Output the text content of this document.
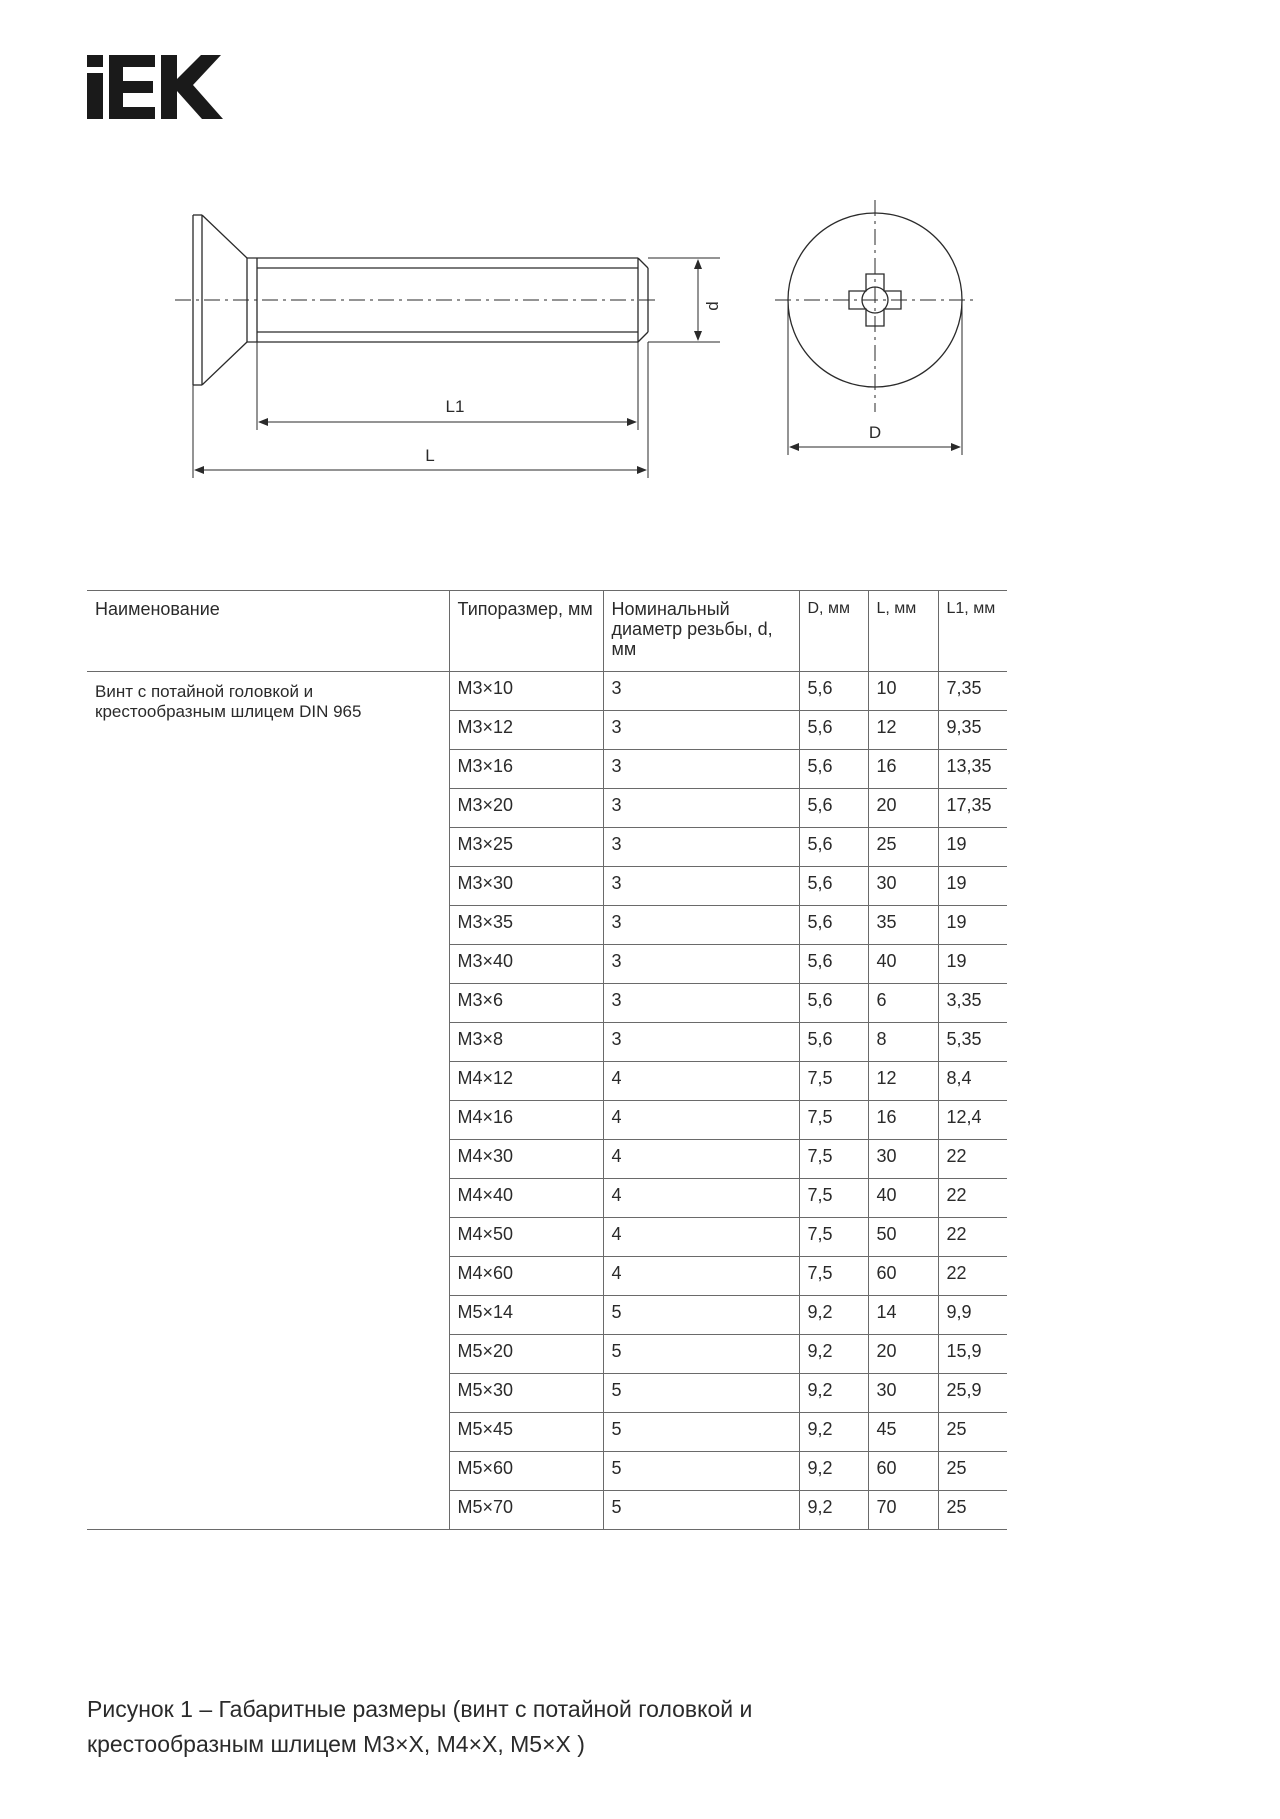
d
L1
L
D
Наименование	Типоразмер, мм	Номинальный диаметр резьбы, d, мм	D, мм	L, мм	L1, мм
Винт с потайной головкой и крестообразным шлицем DIN 965	М3×10	3	5,6	10	7,35
	М3×12	3	5,6	12	9,35
	М3×16	3	5,6	16	13,35
	М3×20	3	5,6	20	17,35
	М3×25	3	5,6	25	19
	М3×30	3	5,6	30	19
	М3×35	3	5,6	35	19
	М3×40	3	5,6	40	19
	М3×6	3	5,6	6	3,35
	М3×8	3	5,6	8	5,35
	М4×12	4	7,5	12	8,4
	М4×16	4	7,5	16	12,4
	М4×30	4	7,5	30	22
	М4×40	4	7,5	40	22
	М4×50	4	7,5	50	22
	М4×60	4	7,5	60	22
	М5×14	5	9,2	14	9,9
	М5×20	5	9,2	20	15,9
	М5×30	5	9,2	30	25,9
	М5×45	5	9,2	45	25
	М5×60	5	9,2	60	25
	М5×70	5	9,2	70	25
Рисунок 1 – Габаритные размеры (винт с потайной головкой и
крестообразным шлицем М3×X, М4×X, М5×X )
